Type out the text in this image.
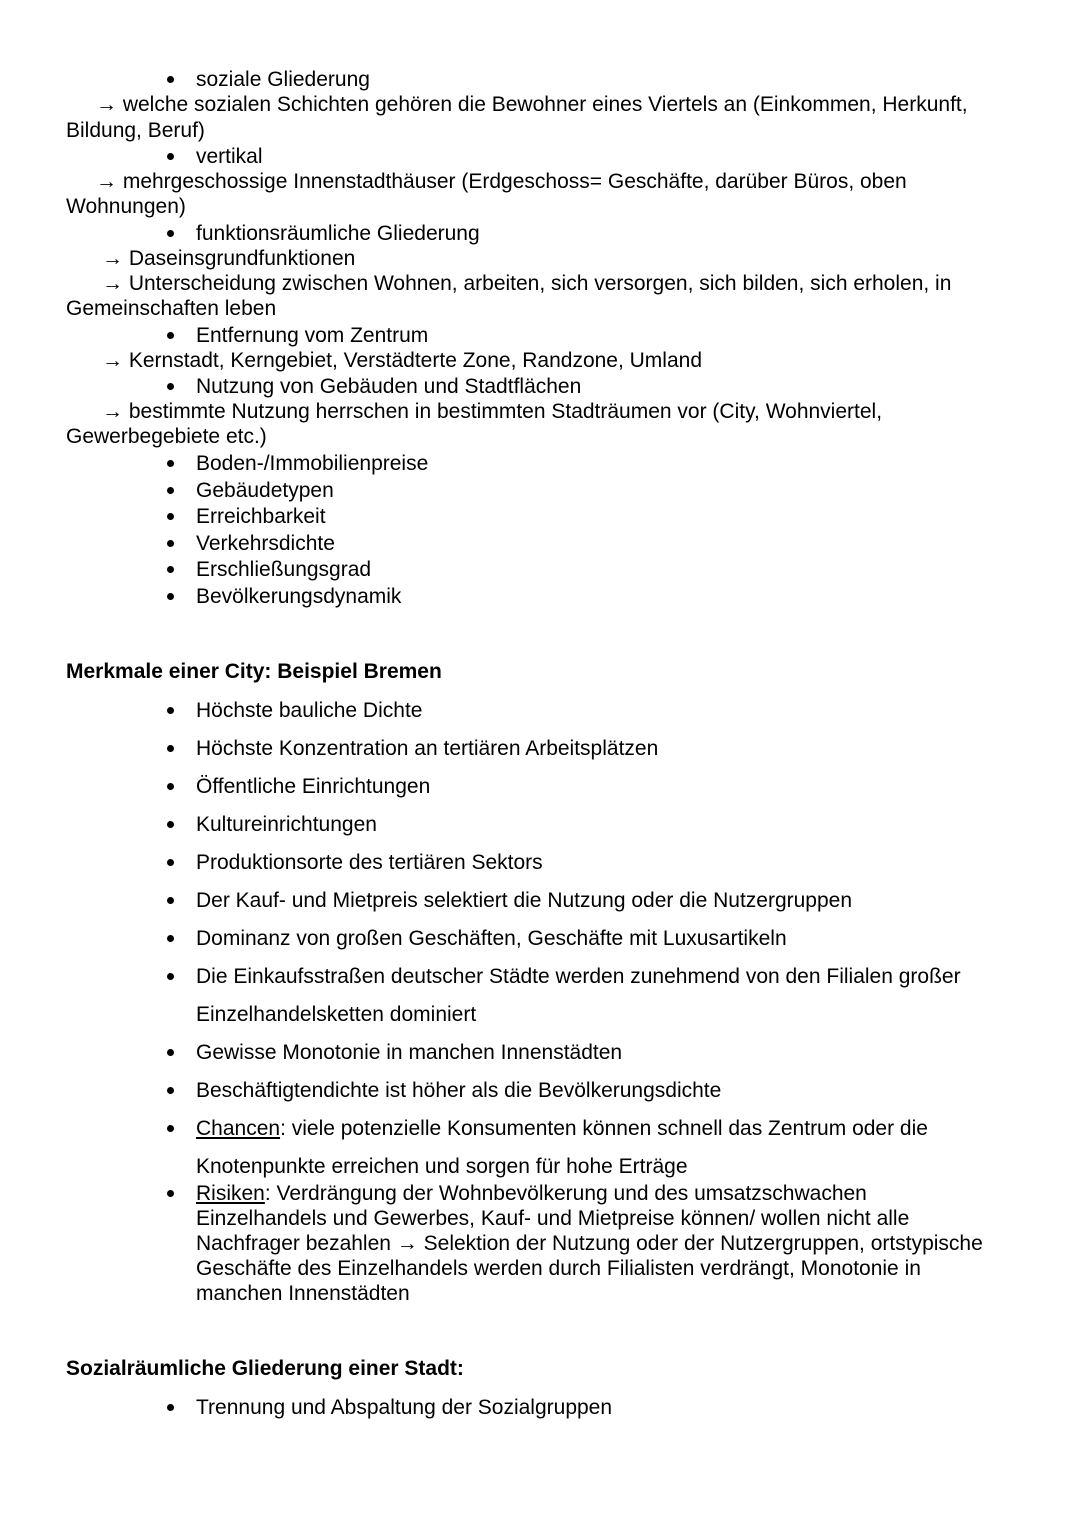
soziale Gliederung
→ welche sozialen Schichten gehören die Bewohner eines Viertels an (Einkommen, Herkunft,
Bildung, Beruf)
vertikal
→ mehrgeschossige Innenstadthäuser (Erdgeschoss= Geschäfte, darüber Büros, oben
Wohnungen)
funktionsräumliche Gliederung
→ Daseinsgrundfunktionen
→ Unterscheidung zwischen Wohnen, arbeiten, sich versorgen, sich bilden, sich erholen, in
Gemeinschaften leben
Entfernung vom Zentrum
→ Kernstadt, Kerngebiet, Verstädterte Zone, Randzone, Umland
Nutzung von Gebäuden und Stadtflächen
→ bestimmte Nutzung herrschen in bestimmten Stadträumen vor (City, Wohnviertel,
Gewerbegebiete etc.)
Boden-/Immobilienpreise
Gebäudetypen
Erreichbarkeit
Verkehrsdichte
Erschließungsgrad
Bevölkerungsdynamik
Merkmale einer City: Beispiel Bremen
Höchste bauliche Dichte
Höchste Konzentration an tertiären Arbeitsplätzen
Öffentliche Einrichtungen
Kultureinrichtungen
Produktionsorte des tertiären Sektors
Der Kauf- und Mietpreis selektiert die Nutzung oder die Nutzergruppen
Dominanz von großen Geschäften, Geschäfte mit Luxusartikeln
Die Einkaufsstraßen deutscher Städte werden zunehmend von den Filialen großer
Einzelhandelsketten dominiert
Gewisse Monotonie in manchen Innenstädten
Beschäftigtendichte ist höher als die Bevölkerungsdichte
Chancen: viele potenzielle Konsumenten können schnell das Zentrum oder die
Knotenpunkte erreichen und sorgen für hohe Erträge
Risiken: Verdrängung der Wohnbevölkerung und des umsatzschwachen
Einzelhandels und Gewerbes, Kauf- und Mietpreise können/ wollen nicht alle
Nachfrager bezahlen → Selektion der Nutzung oder der Nutzergruppen, ortstypische
Geschäfte des Einzelhandels werden durch Filialisten verdrängt, Monotonie in
manchen Innenstädten
Sozialräumliche Gliederung einer Stadt:
Trennung und Abspaltung der Sozialgruppen
